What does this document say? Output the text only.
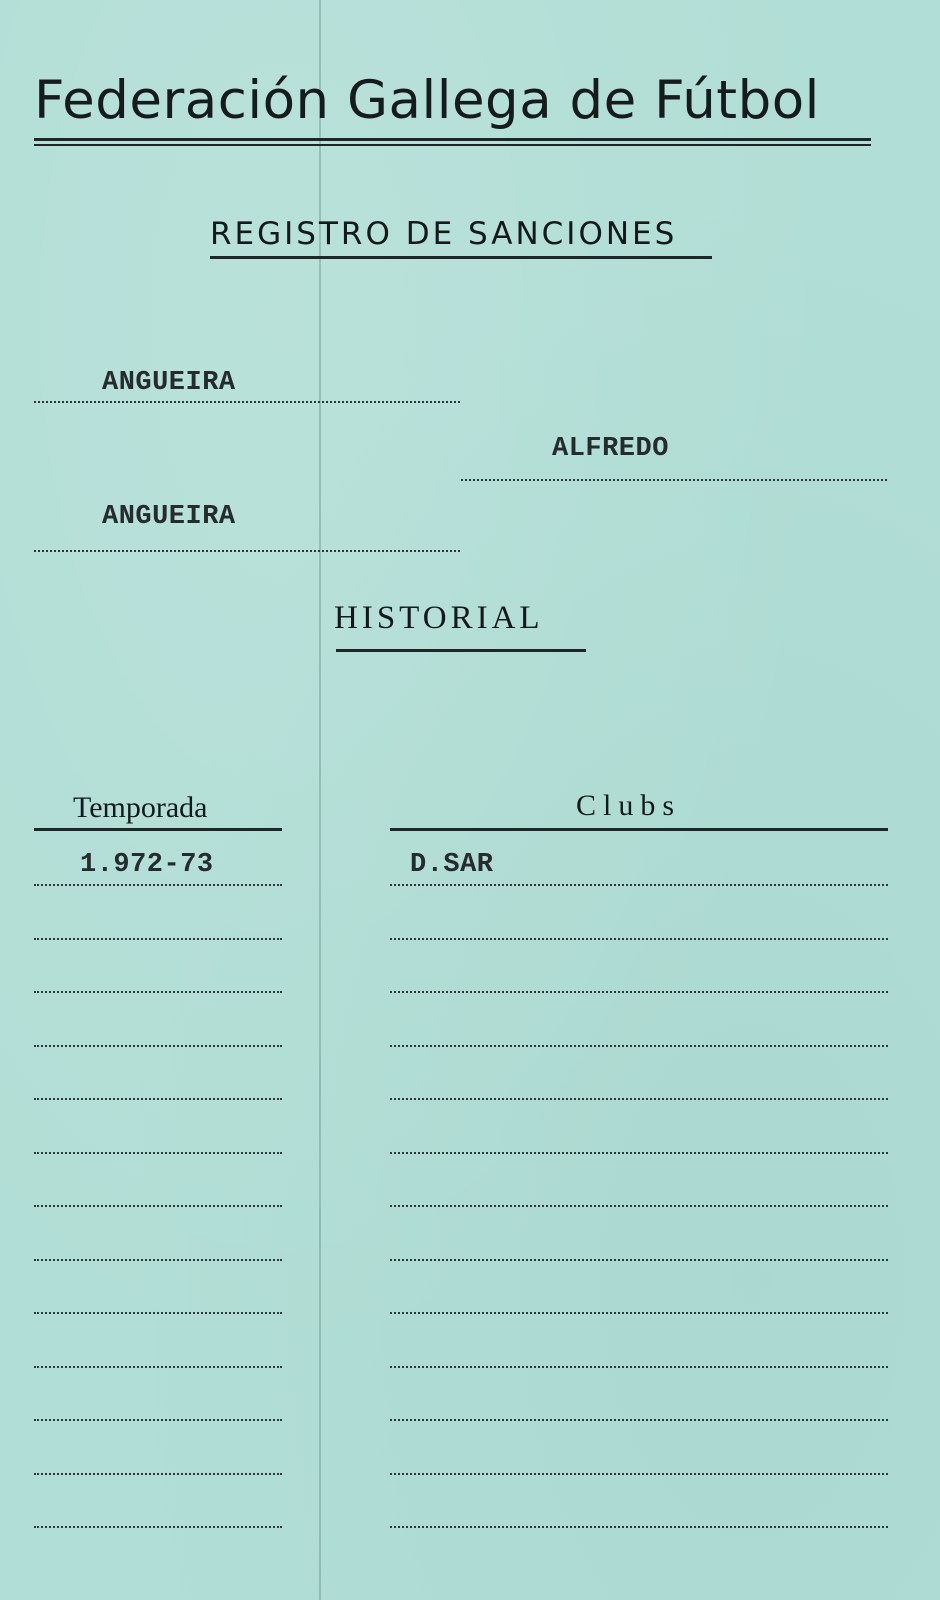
Federación Gallega de Fútbol
REGISTRO DE SANCIONES
ANGUEIRA
ALFREDO
ANGUEIRA
HISTORIAL
Temporada	Clubs
1.972-73	D.SAR
